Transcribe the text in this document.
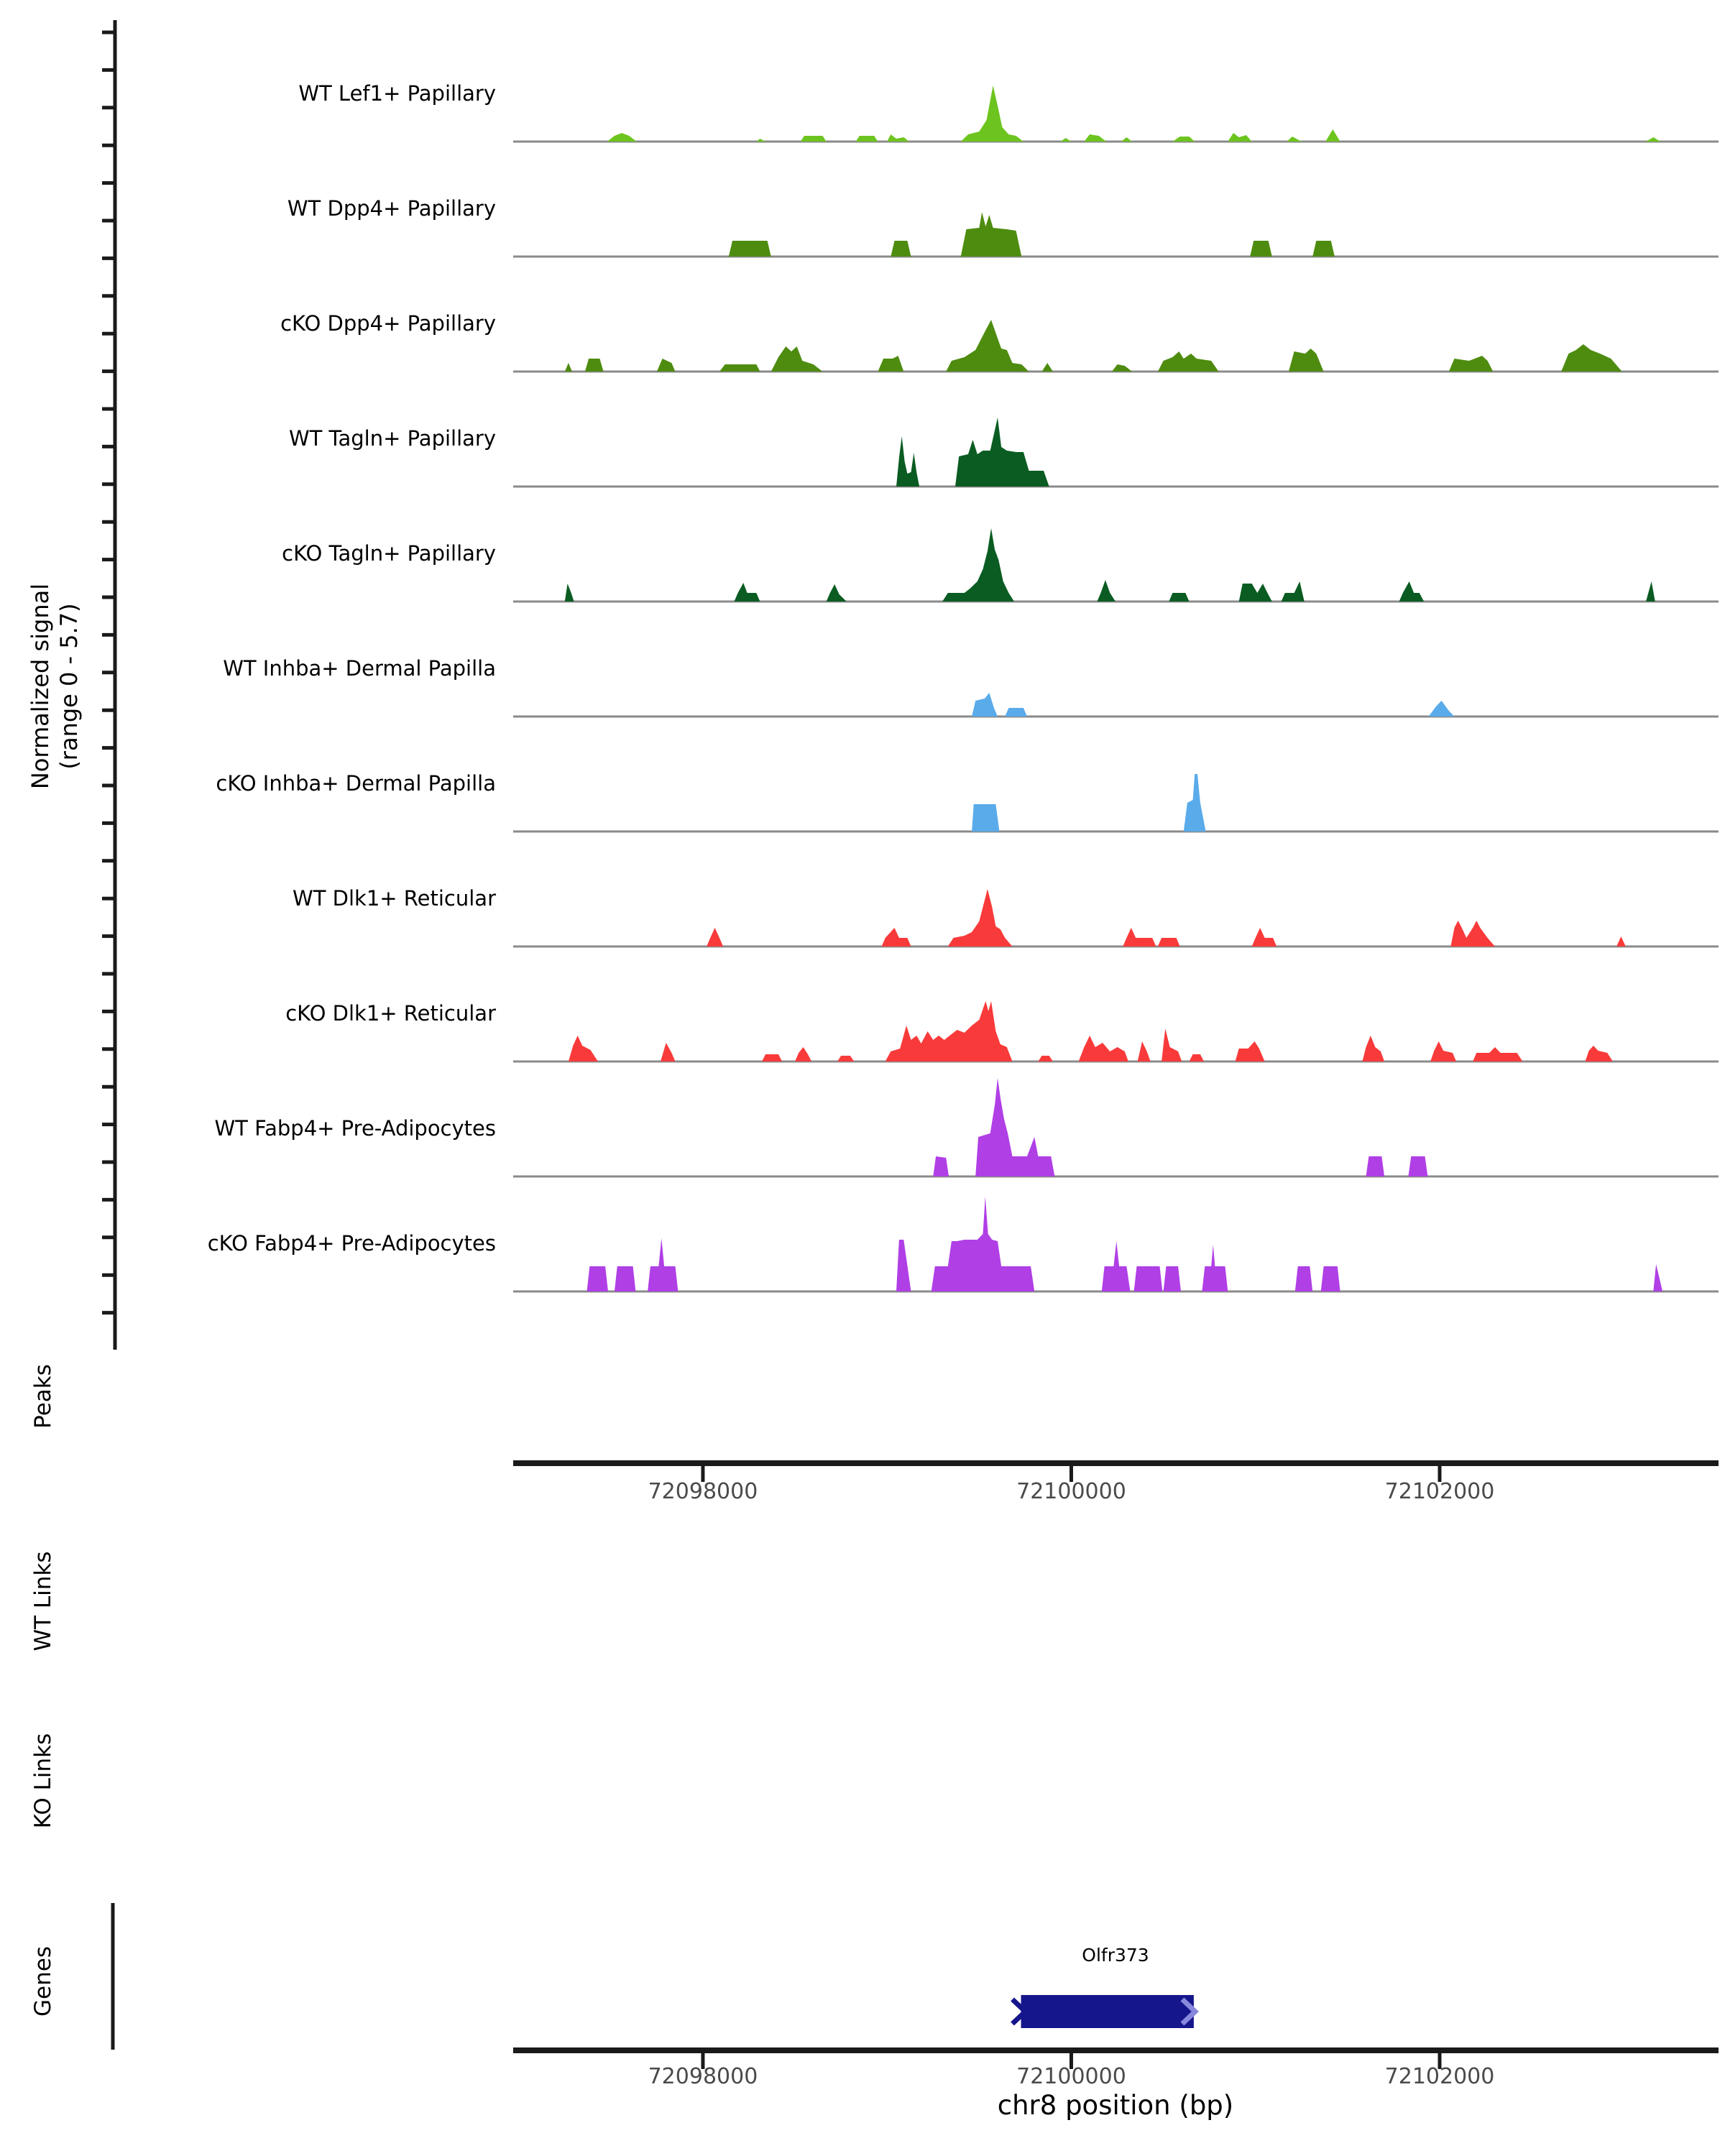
Normalized signal (range 0 - 5.7)
Peaks
WT Links
KO Links
Genes
WT Lef1+ Papillary
WT Dpp4+ Papillary
cKO Dpp4+ Papillary
WT Tagln+ Papillary
cKO Tagln+ Papillary
WT Inhba+ Dermal Papilla
cKO Inhba+ Dermal Papilla
WT Dlk1+ Reticular
cKO Dlk1+ Reticular
WT Fabp4+ Pre-Adipocytes
cKO Fabp4+ Pre-Adipocytes
72098000	72100000	72102000
72098000	72100000	72102000
chr8 position (bp)
Olfr373
